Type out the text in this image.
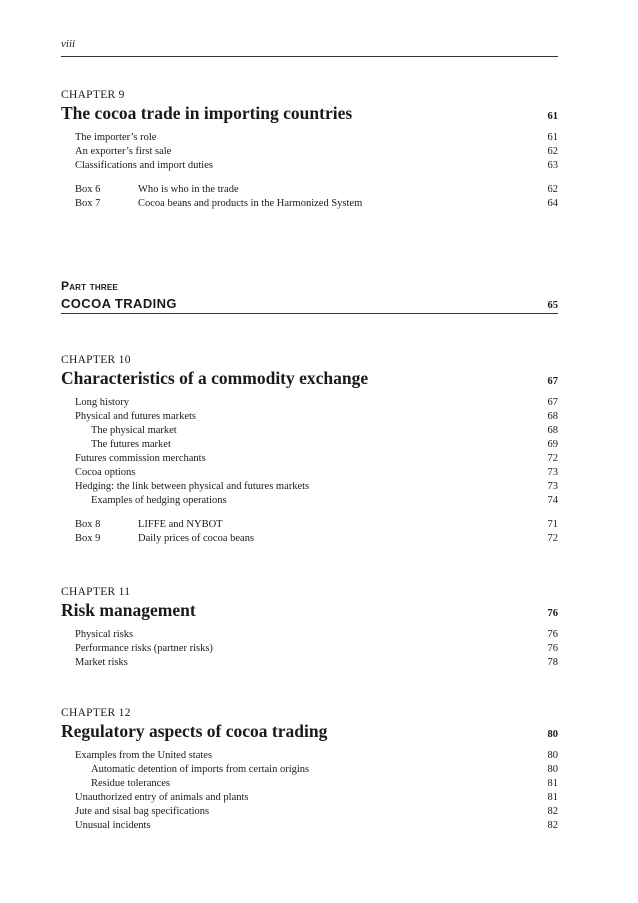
viii
CHAPTER 9
The cocoa trade in importing countries	61
The importer’s role	61
An exporter’s first sale	62
Classifications and import duties	63
Box 6	Who is who in the trade	62
Box 7	Cocoa beans and products in the Harmonized System	64
Part three
COCOA TRADING	65
CHAPTER 10
Characteristics of a commodity exchange	67
Long history	67
Physical and futures markets	68
The physical market	68
The futures market	69
Futures commission merchants	72
Cocoa options	73
Hedging: the link between physical and futures markets	73
Examples of hedging operations	74
Box 8	LIFFE and NYBOT	71
Box 9	Daily prices of cocoa beans	72
CHAPTER 11
Risk management	76
Physical risks	76
Performance risks (partner risks)	76
Market risks	78
CHAPTER 12
Regulatory aspects of cocoa trading	80
Examples from the United states	80
Automatic detention of imports from certain origins	80
Residue tolerances	81
Unauthorized entry of animals and plants	81
Jute and sisal bag specifications	82
Unusual incidents	82
